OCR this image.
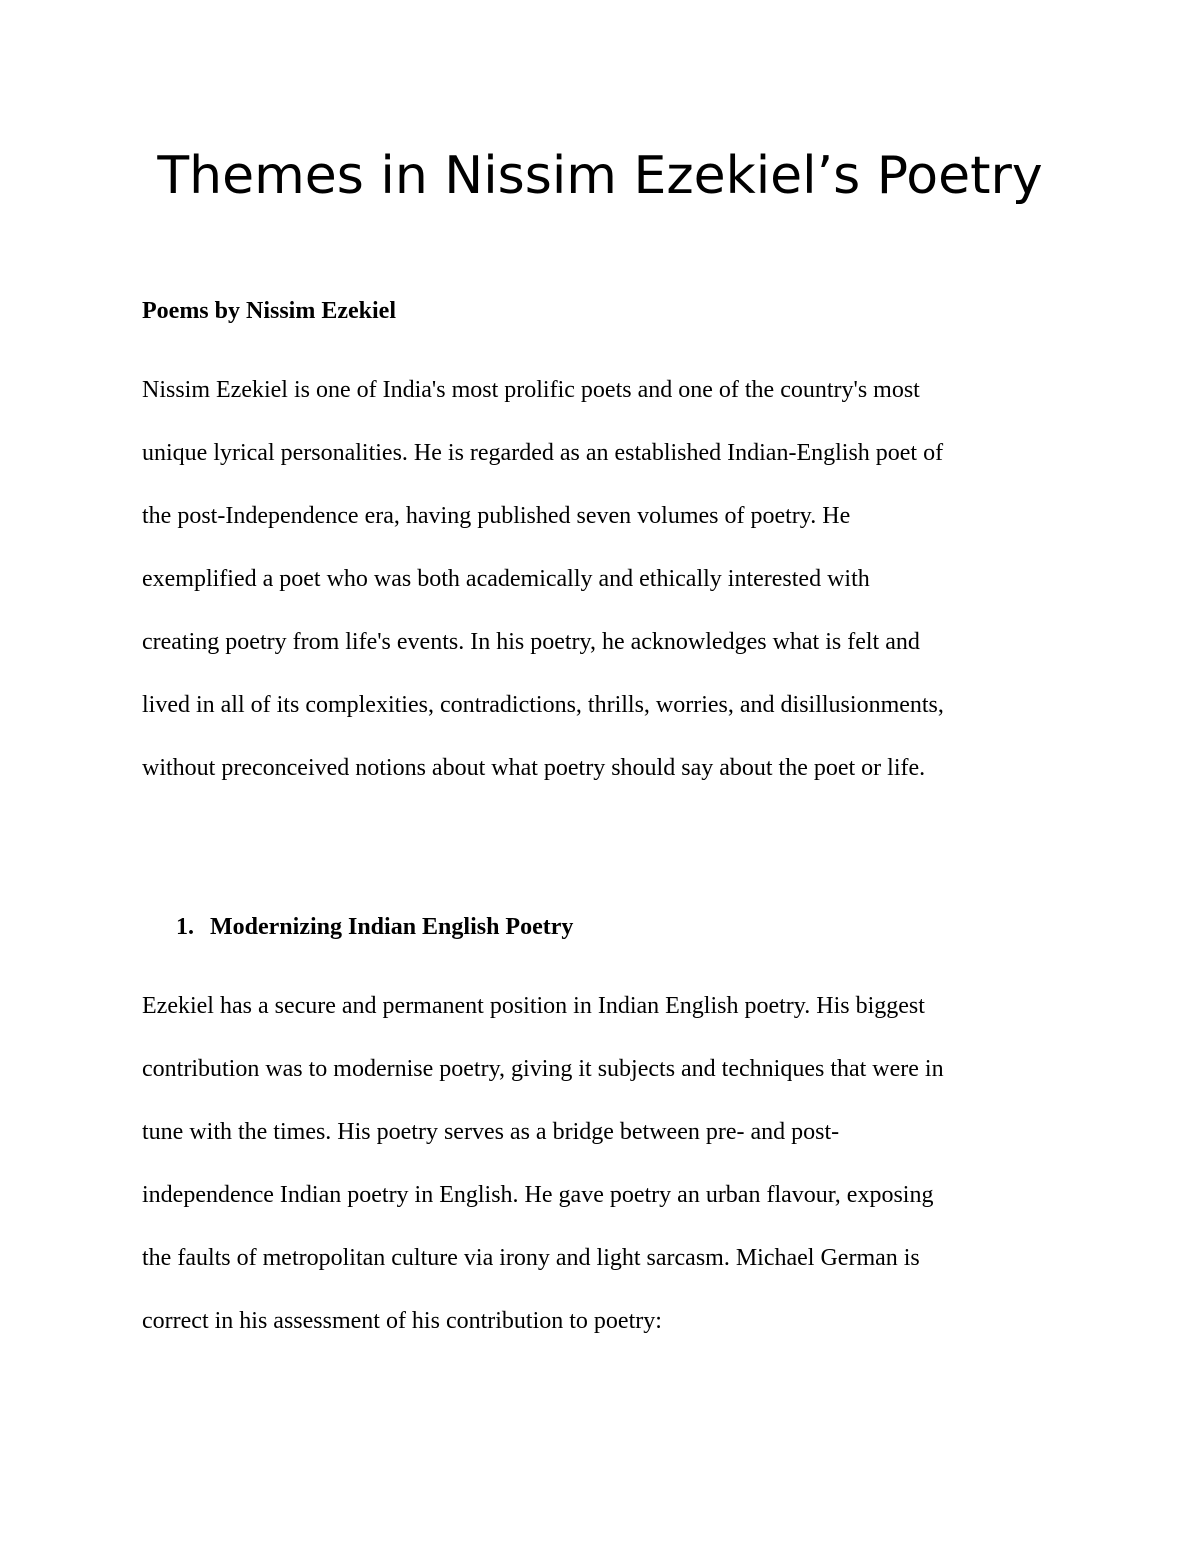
Themes in Nissim Ezekiel’s Poetry

Poems by Nissim Ezekiel

Nissim Ezekiel is one of India's most prolific poets and one of the country's most
unique lyrical personalities. He is regarded as an established Indian-English poet of
the post-Independence era, having published seven volumes of poetry. He
exemplified a poet who was both academically and ethically interested with
creating poetry from life's events. In his poetry, he acknowledges what is felt and
lived in all of its complexities, contradictions, thrills, worries, and disillusionments,
without preconceived notions about what poetry should say about the poet or life.

1. Modernizing Indian English Poetry

Ezekiel has a secure and permanent position in Indian English poetry. His biggest
contribution was to modernise poetry, giving it subjects and techniques that were in
tune with the times. His poetry serves as a bridge between pre- and post-
independence Indian poetry in English. He gave poetry an urban flavour, exposing
the faults of metropolitan culture via irony and light sarcasm. Michael German is
correct in his assessment of his contribution to poetry:
